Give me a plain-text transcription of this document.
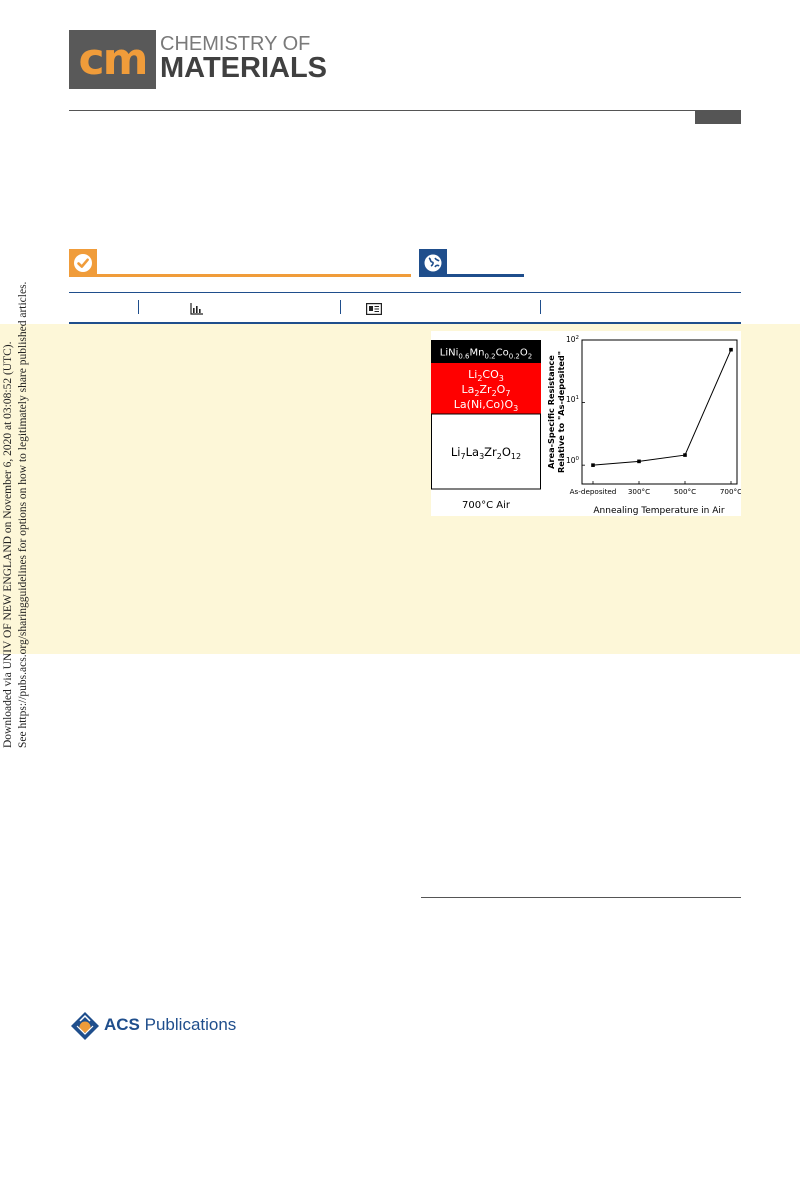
cm CHEMISTRY OF
MATERIALS
$LiNi_{0.6}Mn_{0.2}Co_{0.2}O_2$
$Li_2CO_3$
$La_2Zr_2O_7$
$La(Ni,Co)O_3$
$Li_7La_3Zr_2O_{12}$
700°C Air
$10^0$
$10^1$
$10^2$
As-deposited 300°C	500°C	700°C
Annealing Temperature in Air
Area-Specific Resistance Relative to "As-deposited"
Downloaded via UNIV OF NEW ENGLAND on November 6, 2020 at 03:08:52 (UTC). See https://pubs.acs.org/sharingguidelines for options on how to legitimately share published articles.
ACS Publications
